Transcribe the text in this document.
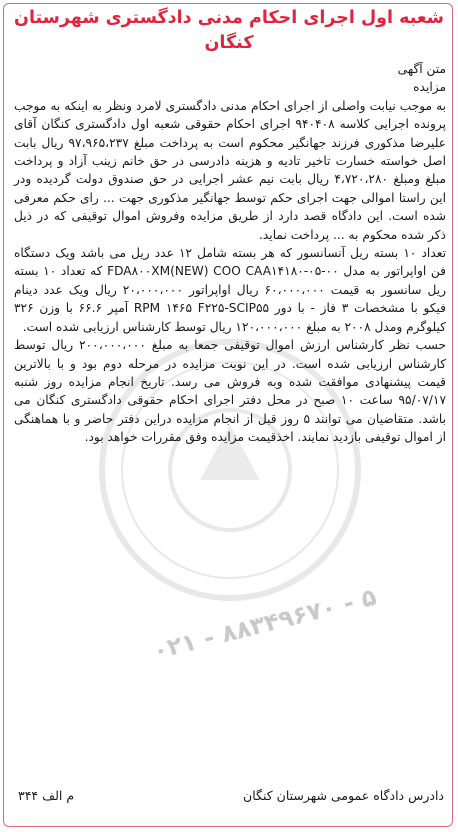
۰۲۱ - ۸۸۳۴۹۶۷۰ - ۵
شعبه اول اجرای احکام مدنی دادگستری شهرستان
کنگان
متن آگهی
مزایده

به موجب نیابت واصلی از اجرای احکام مدنی دادگستری لامرد ونظر به اینکه به موجب پرونده اجرایی کلاسه ۹۴۰۴۰۸ اجرای احکام حقوقی شعبه اول دادگستری کنگان آقای علیرضا مذکوری فرزند جهانگیر محکوم است به پرداخت مبلغ ۹۷،۹۶۵،۲۳۷ ریال بابت اصل خواسته خسارت تاخیر تادیه و هزینه دادرسی در حق خانم زینب آزاد و پرداخت مبلغ ومبلغ ۴،۷۲۰،۲۸۰ ریال بابت نیم عشر اجرایی در حق صندوق دولت گردیده ودر این راستا اموالی جهت اجرای حکم توسط جهانگیر مذکوری جهت ... رای حکم معرفی شده است. این دادگاه قصد دارد از طریق مزایده وفروش اموال توقیفی که در ذیل ذکر شده محکوم به ... پرداخت نماید.

تعداد ۱۰ بسته ریل آنسانسور که هر بسته شامل ۱۲ عدد ریل می باشد ویک دستگاه فن اواپراتور به مدل FDA۸۰۰XM(NEW) COO CAA۱۴۱۸۰-۰۵-۰۰ که تعداد ۱۰ بسته ریل سانسور به قیمت ۶۰،۰۰۰،۰۰۰ ریال اواپراتور ۲۰،۰۰۰،۰۰۰ ریال ویک عدد دینام فیکو با مشخصات ۳ فاز - با دور RPM ۱۴۶۵ F۲۲۵-SCIP۵۵ آمپر ۶۶.۶ با وزن ۳۲۶ کیلوگرم ومدل ۲۰۰۸ به مبلغ ۱۲۰،۰۰۰،۰۰۰ ریال توسط کارشناس ارزیابی شده است.

حسب نظر کارشناس ارزش اموال توقیفی جمعا به مبلغ ۲۰۰،۰۰۰،۰۰۰ ریال توسط کارشناس ارزیابی شده است. در این نوبت مزایده در مرحله دوم بود و با بالاترین قیمت پیشنهادی موافقت شده وبه فروش می رسد. تاریخ انجام مزایده روز شنبه ۹۵/۰۷/۱۷ ساعت ۱۰ صبح در محل دفتر اجرای احکام حقوقی دادگستری کنگان می باشد. متقاضیان می توانند ۵ روز قبل از انجام مزایده دراین دفتر حاضر و با هماهنگی از اموال توقیفی بازدید نمایند. اخذقیمت مزایده وفق مقررات خواهد بود.

دادرس دادگاه عمومی شهرستان کنگان
م الف ۳۴۴
